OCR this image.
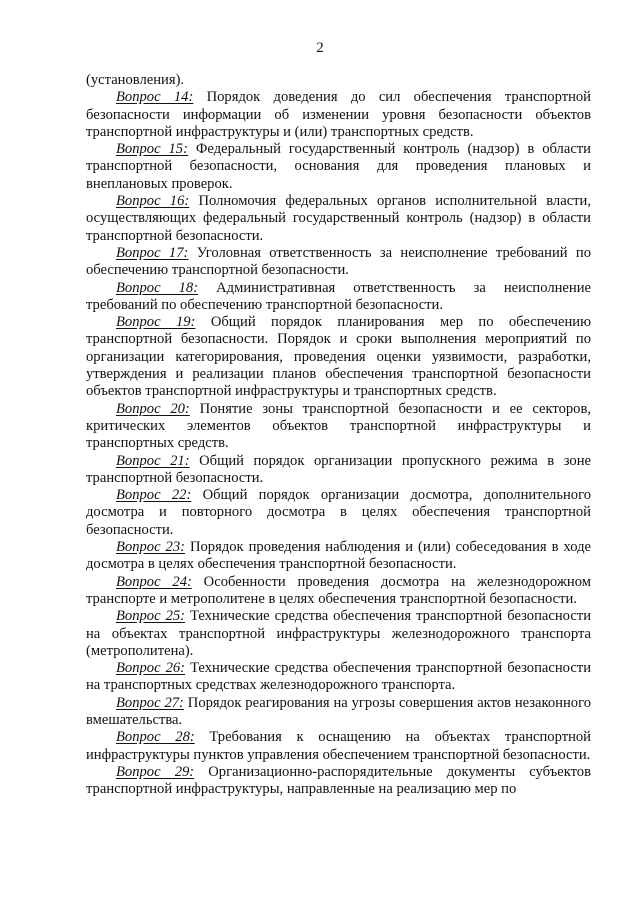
2

(установления).

Вопрос 14: Порядок доведения до сил обеспечения транспортной безопасности информации об изменении уровня безопасности объектов транспортной инфраструктуры и (или) транспортных средств.

Вопрос 15: Федеральный государственный контроль (надзор) в области транспортной безопасности, основания для проведения плановых и внеплановых проверок.

Вопрос 16: Полномочия федеральных органов исполнительной власти, осуществляющих федеральный государственный контроль (надзор) в области транспортной безопасности.

Вопрос 17: Уголовная ответственность за неисполнение требований по обеспечению транспортной безопасности.

Вопрос 18: Административная ответственность за неисполнение требований по обеспечению транспортной безопасности.

Вопрос 19: Общий порядок планирования мер по обеспечению транспортной безопасности. Порядок и сроки выполнения мероприятий по организации категорирования, проведения оценки уязвимости, разработки, утверждения и реализации планов обеспечения транспортной безопасности объектов транспортной инфраструктуры и транспортных средств.

Вопрос 20: Понятие зоны транспортной безопасности и ее секторов, критических элементов объектов транспортной инфраструктуры и транспортных средств.

Вопрос 21: Общий порядок организации пропускного режима в зоне транспортной безопасности.

Вопрос 22: Общий порядок организации досмотра, дополнительного досмотра и повторного досмотра в целях обеспечения транспортной безопасности.

Вопрос 23: Порядок проведения наблюдения и (или) собеседования в ходе досмотра в целях обеспечения транспортной безопасности.

Вопрос 24: Особенности проведения досмотра на железнодорожном транспорте и метрополитене в целях обеспечения транспортной безопасности.

Вопрос 25: Технические средства обеспечения транспортной безопасности на объектах транспортной инфраструктуры железнодорожного транспорта (метрополитена).

Вопрос 26: Технические средства обеспечения транспортной безопасности на транспортных средствах железнодорожного транспорта.

Вопрос 27: Порядок реагирования на угрозы совершения актов незаконного вмешательства.

Вопрос 28: Требования к оснащению на объектах транспортной инфраструктуры пунктов управления обеспечением транспортной безопасности.

Вопрос 29: Организационно-распорядительные документы субъектов транспортной инфраструктуры, направленные на реализацию мер по
